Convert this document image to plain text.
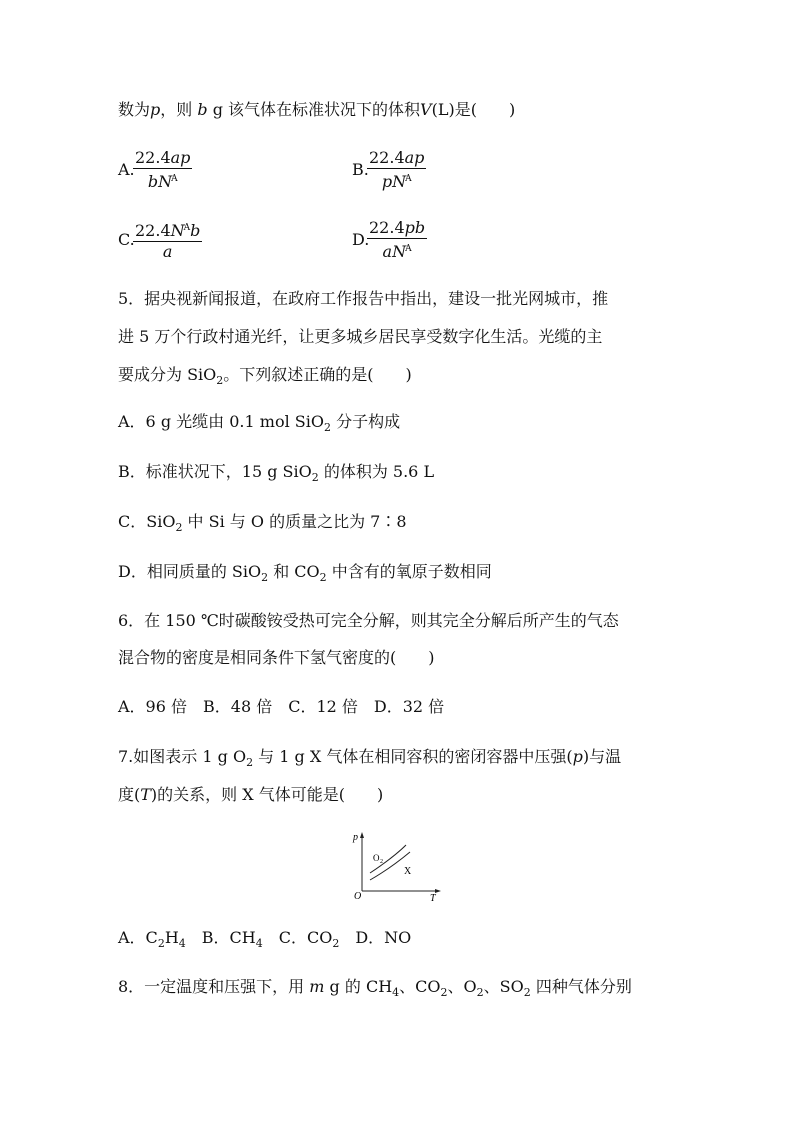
数为p，则 b g 该气体在标准状况下的体积V(L)是(　　)
A.
22.4ap
$bN^A$	B.
22.4ap
$pN^A$
C. $22.4N^Ab$
a
D.
22.4pb
$aN^A$
5．据央视新闻报道，在政府工作报告中指出，建设一批光网城市，推
进 5 万个行政村通光纤，让更多城乡居民享受数字化生活。光缆的主
要成分为 SiO$_2$。下列叙述正确的是(　　)
A．6 g 光缆由 0.1 mol SiO$_2$ 分子构成
B．标准状况下，15 g SiO$_2$ 的体积为 5.6 L
C．SiO$_2$ 中 Si 与 O 的质量之比为 7∶8
D．相同质量的 SiO$_2$ 和 $CO_2$ 中含有的氧原子数相同
6．在 150 ℃时碳酸铵受热可完全分解，则其完全分解后所产生的气态
混合物的密度是相同条件下氢气密度的(　　)
A．96 倍　B．48 倍　C．12 倍　D．32 倍
7.如图表示 1 g $O_2$ 与 1 g X 气体在相同容积的密闭容器中压强(p)与温
度(T)的关系，则 X 气体可能是(　　)
p
T
O
O 2
X
A．$C_2H_4$　B．$CH_4$　C．$CO_2$　D．NO
8．一定温度和压强下，用 m g 的 $CH_4$、$CO_2$、$O_2$、$SO_2$ 四种气体分别
